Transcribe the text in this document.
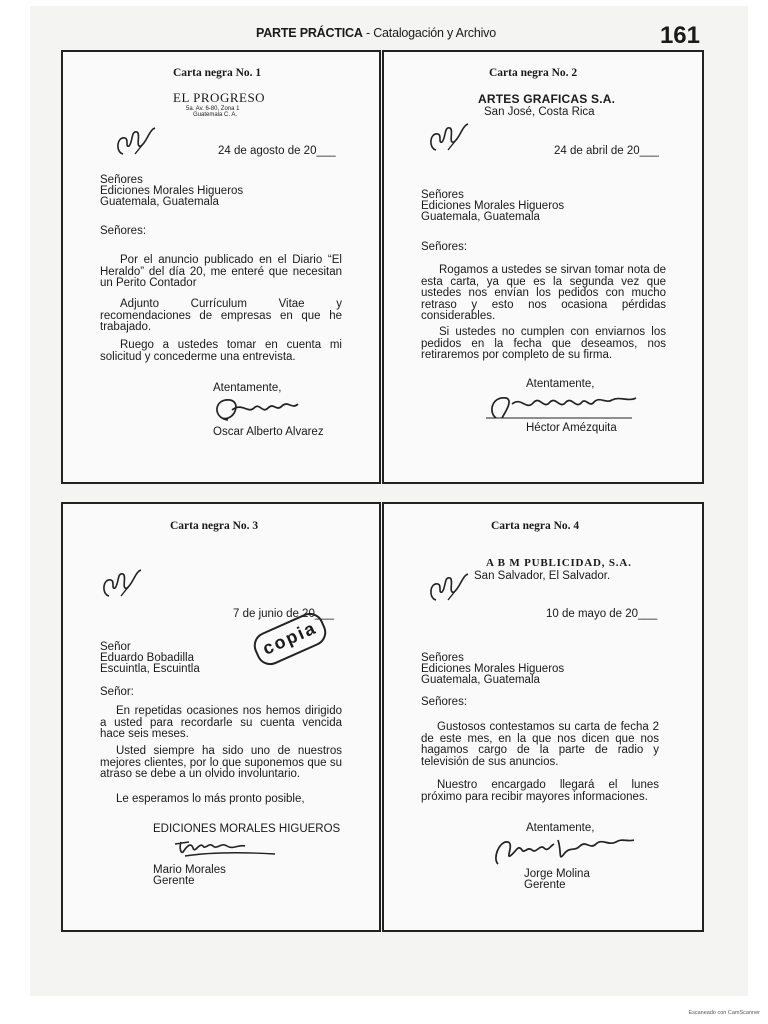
PARTE PRÁCTICA - Catalogación y Archivo	161
Carta negra No. 1
EL PROGRESO
5a. Av. 6-80, Zona 1
Guatemala C. A.
24 de agosto de 20___
Señores
Ediciones Morales Higueros
Guatemala, Guatemala
Señores:
Por el anuncio publicado en el Diario “El Heraldo” del día 20, me enteré que necesitan un Perito Contador
Adjunto Currículum Vitae y recomendaciones de empresas en que he trabajado.
Ruego a ustedes tomar en cuenta mi solicitud y concederme una entrevista.
Atentamente,
Oscar Alberto Alvarez
Carta negra No. 2
ARTES GRAFICAS S.A.
San José, Costa Rica
24 de abril de 20___
Señores
Ediciones Morales Higueros
Guatemala, Guatemala
Señores:
Rogamos a ustedes se sirvan tomar nota de esta carta, ya que es la segunda vez que ustedes nos envían los pedidos con mucho retraso y esto nos ocasiona pérdidas considerables.
Si ustedes no cumplen con enviarnos los pedidos en la fecha que deseamos, nos retiraremos por completo de su firma.
Atentamente,
Héctor Amézquita
Carta negra No. 3
7 de junio de 20___
Señor
Eduardo Bobadilla
Escuintla, Escuintla
copia
Señor:
En repetidas ocasiones nos hemos dirigido a usted para recordarle su cuenta vencida hace seis meses.
Usted siempre ha sido uno de nuestros mejores clientes, por lo que suponemos que su atraso se debe a un olvido involuntario.
Le esperamos lo más pronto posible,
EDICIONES MORALES HIGUEROS
Mario Morales
Gerente
Carta negra No. 4
A B M PUBLICIDAD, S.A.
San Salvador, El Salvador.
10 de mayo de 20___
Señores
Ediciones Morales Higueros
Guatemala, Guatemala
Señores:
Gustosos contestamos su carta de fecha 2 de este mes, en la que nos dicen que nos hagamos cargo de la parte de radio y televisión de sus anuncios.
Nuestro encargado llegará el lunes próximo para recibir mayores informaciones.
Atentamente,
Jorge Molina
Gerente
Escaneado con CamScanner
